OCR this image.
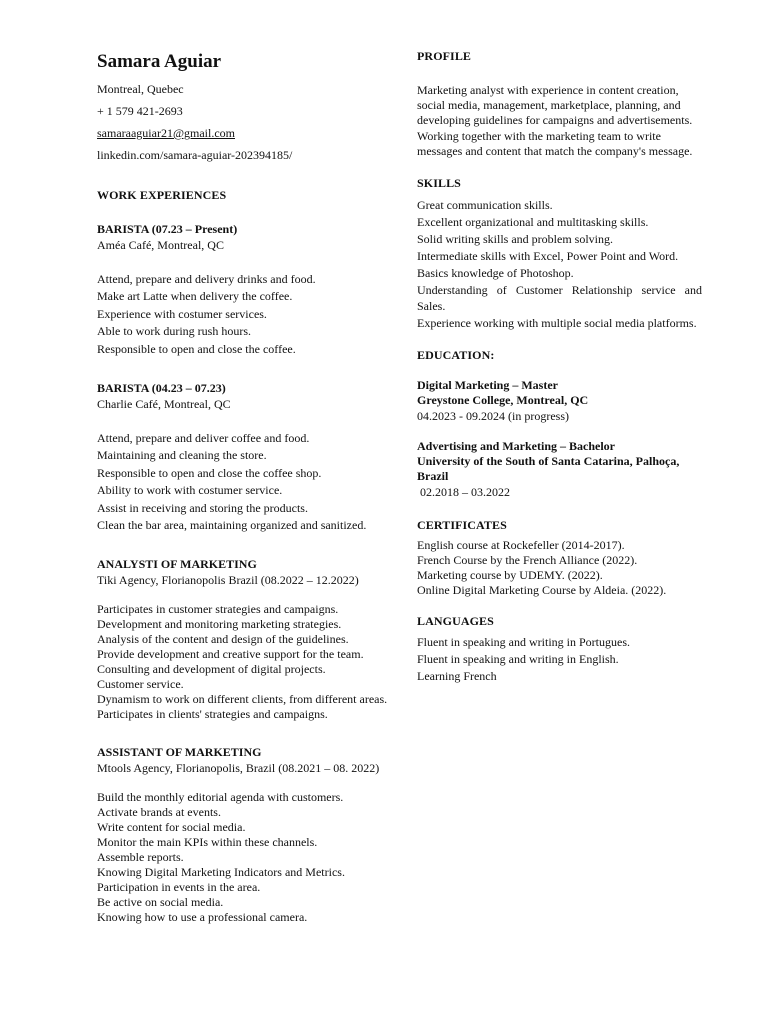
Samara Aguiar
Montreal, Quebec
+ 1 579 421-2693
samaraaguiar21@gmail.com
linkedin.com/samara-aguiar-202394185/
WORK EXPERIENCES
BARISTA (07.23 – Present)
Améa Café, Montreal, QC
Attend, prepare and delivery drinks and food.
Make art Latte when delivery the coffee.
Experience with costumer services.
Able to work during rush hours.
Responsible to open and close the coffee.
BARISTA (04.23 – 07.23)
Charlie Café, Montreal, QC
Attend, prepare and deliver coffee and food.
Maintaining and cleaning the store.
Responsible to open and close the coffee shop.
Ability to work with costumer service.
Assist in receiving and storing the products.
Clean the bar area, maintaining organized and sanitized.
ANALYSTI OF MARKETING
Tiki Agency, Florianopolis Brazil (08.2022 – 12.2022)
Participates in customer strategies and campaigns.
Development and monitoring marketing strategies.
Analysis of the content and design of the guidelines.
Provide development and creative support for the team.
Consulting and development of digital projects.
Customer service.
Dynamism to work on different clients, from different areas.
Participates in clients' strategies and campaigns.
ASSISTANT OF MARKETING
Mtools Agency, Florianopolis, Brazil (08.2021 – 08. 2022)
Build the monthly editorial agenda with customers.
Activate brands at events.
Write content for social media.
Monitor the main KPIs within these channels.
Assemble reports.
Knowing Digital Marketing Indicators and Metrics.
Participation in events in the area.
Be active on social media.
Knowing how to use a professional camera.
PROFILE

Marketing analyst with experience in content creation, social media, management, marketplace, planning, and developing guidelines for campaigns and advertisements. Working together with the marketing team to write messages and content that match the company's message.

SKILLS
Great communication skills.
Excellent organizational and multitasking skills.
Solid writing skills and problem solving.
Intermediate skills with Excel, Power Point and Word.
Basics knowledge of Photoshop.
Understanding of Customer Relationship service and Sales.
Experience working with multiple social media platforms.
EDUCATION:
Digital Marketing – Master
Greystone College, Montreal, QC
04.2023 - 09.2024 (in progress)
Advertising and Marketing – Bachelor
University of the South of Santa Catarina, Palhoça, Brazil
02.2018 – 03.2022
CERTIFICATES
English course at Rockefeller (2014-2017).
French Course by the French Alliance (2022).
Marketing course by UDEMY. (2022).
Online Digital Marketing Course by Aldeia. (2022).
LANGUAGES
Fluent in speaking and writing in Portugues.
Fluent in speaking and writing in English.
Learning French
